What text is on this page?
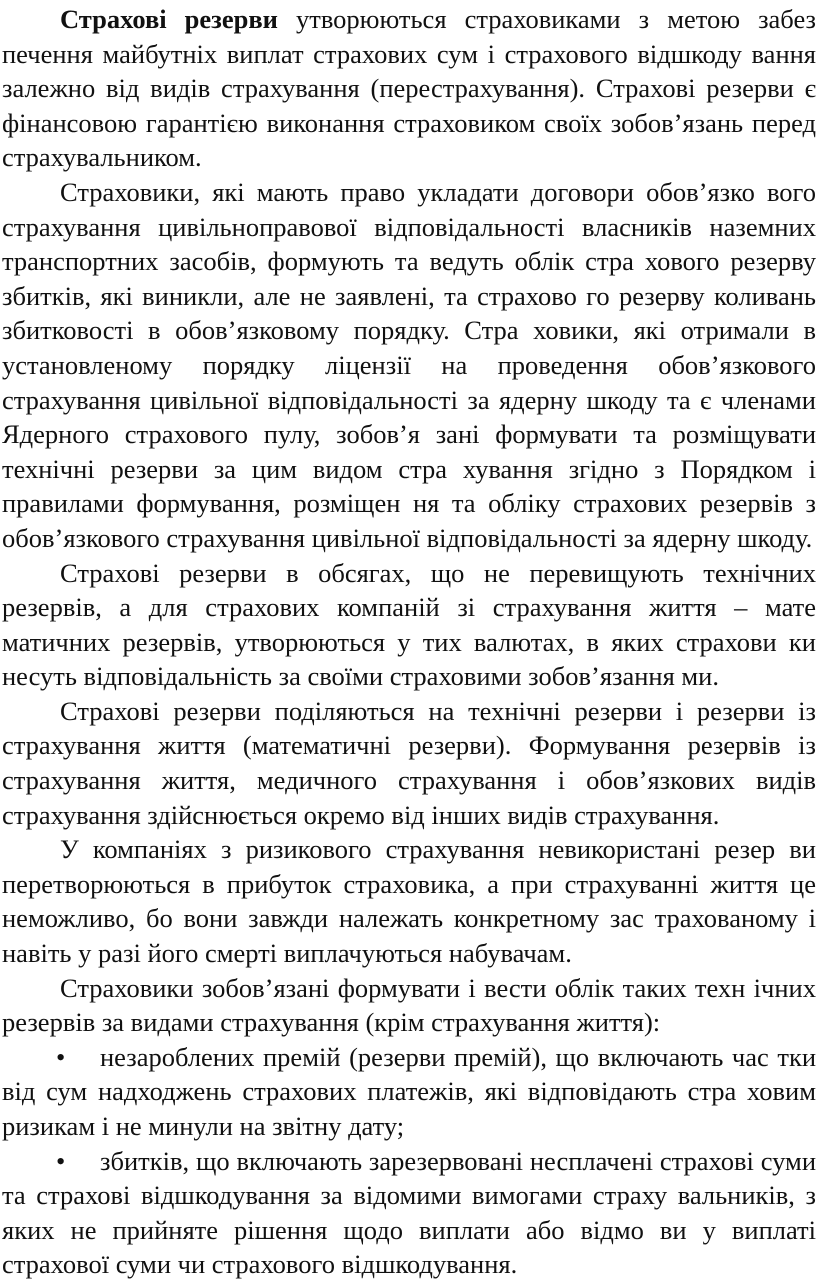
Страхові резерви утворюються страховиками з метою забез печення майбутніх виплат страхових сум і страхового відшкоду вання залежно від видів страхування (перестрахування). Страхові резерви є фінансовою гарантією виконання страховиком своїх зобов’язань перед страхувальником.

Страховики, які мають право укладати договори обов’язко вого страхування цивільноправової відповідальності власників наземних транспортних засобів, формують та ведуть облік стра хового резерву збитків, які виникли, але не заявлені, та страхово го резерву коливань збитковості в обов’язковому порядку. Стра ховики, які отримали в установленому порядку ліцензії на проведення обов’язкового страхування цивільної відповідальності за ядерну шкоду та є членами Ядерного страхового пулу, зобов’я зані формувати та розміщувати технічні резерви за цим видом стра хування згідно з Порядком і правилами формування, розміщен ня та обліку страхових резервів з обов’язкового страхування цивільної відповідальності за ядерну шкоду.

Страхові резерви в обсягах, що не перевищують технічних резервів, а для страхових компаній зі страхування життя – мате матичних резервів, утворюються у тих валютах, в яких страхови ки несуть відповідальність за своїми страховими зобов’язання ми.

Страхові резерви поділяються на технічні резерви і резерви із страхування життя (математичні резерви). Формування резервів із страхування життя, медичного страхування і обов’язкових видів страхування здійснюється окремо від інших видів страхування.

У компаніях з ризикового страхування невикористані резер ви перетворюються в прибуток страховика, а при страхуванні життя це неможливо, бо вони завжди належать конкретному зас трахованому і навіть у разі його смерті виплачуються набувачам.

Страховики зобов’язані формувати і вести облік таких техн ічних резервів за видами страхування (крім страхування життя):

• незароблених премій (резерви премій), що включають час тки від сум надходжень страхових платежів, які відповідають стра ховим ризикам і не минули на звітну дату;

• збитків, що включають зарезервовані несплачені страхові суми та страхові відшкодування за відомими вимогами страху вальників, з яких не прийняте рішення щодо виплати або відмо ви у виплаті страхової суми чи страхового відшкодування.
